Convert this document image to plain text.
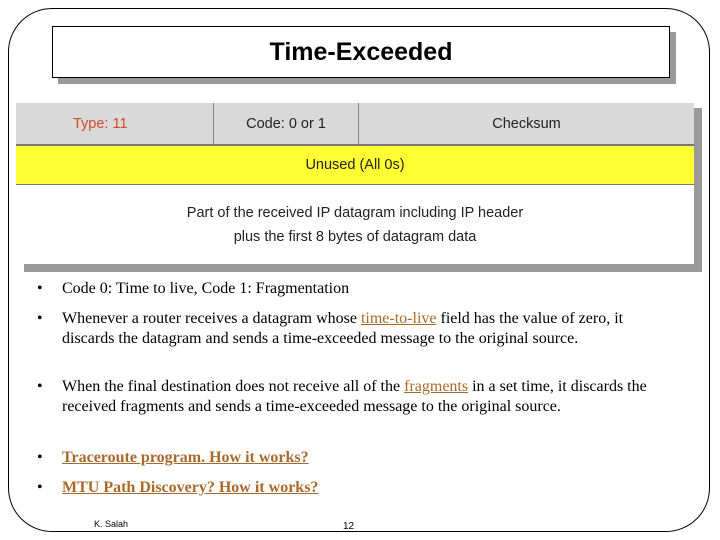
Time-Exceeded
Type: 11	Code: 0 or 1	Checksum
Unused (All 0s)
Part of the received IP datagram including IP header
plus the first 8 bytes of datagram data
• Code 0: Time to live, Code 1: Fragmentation
• Whenever a router receives a datagram whose time-to-live field has the value of zero, it discards the datagram and sends a time-exceeded message to the original source.
• When the final destination does not receive all of the fragments in a set time, it discards the received fragments and sends a time-exceeded message to the original source.
• Traceroute program. How it works?
• MTU Path Discovery? How it works?
K. Salah	12
